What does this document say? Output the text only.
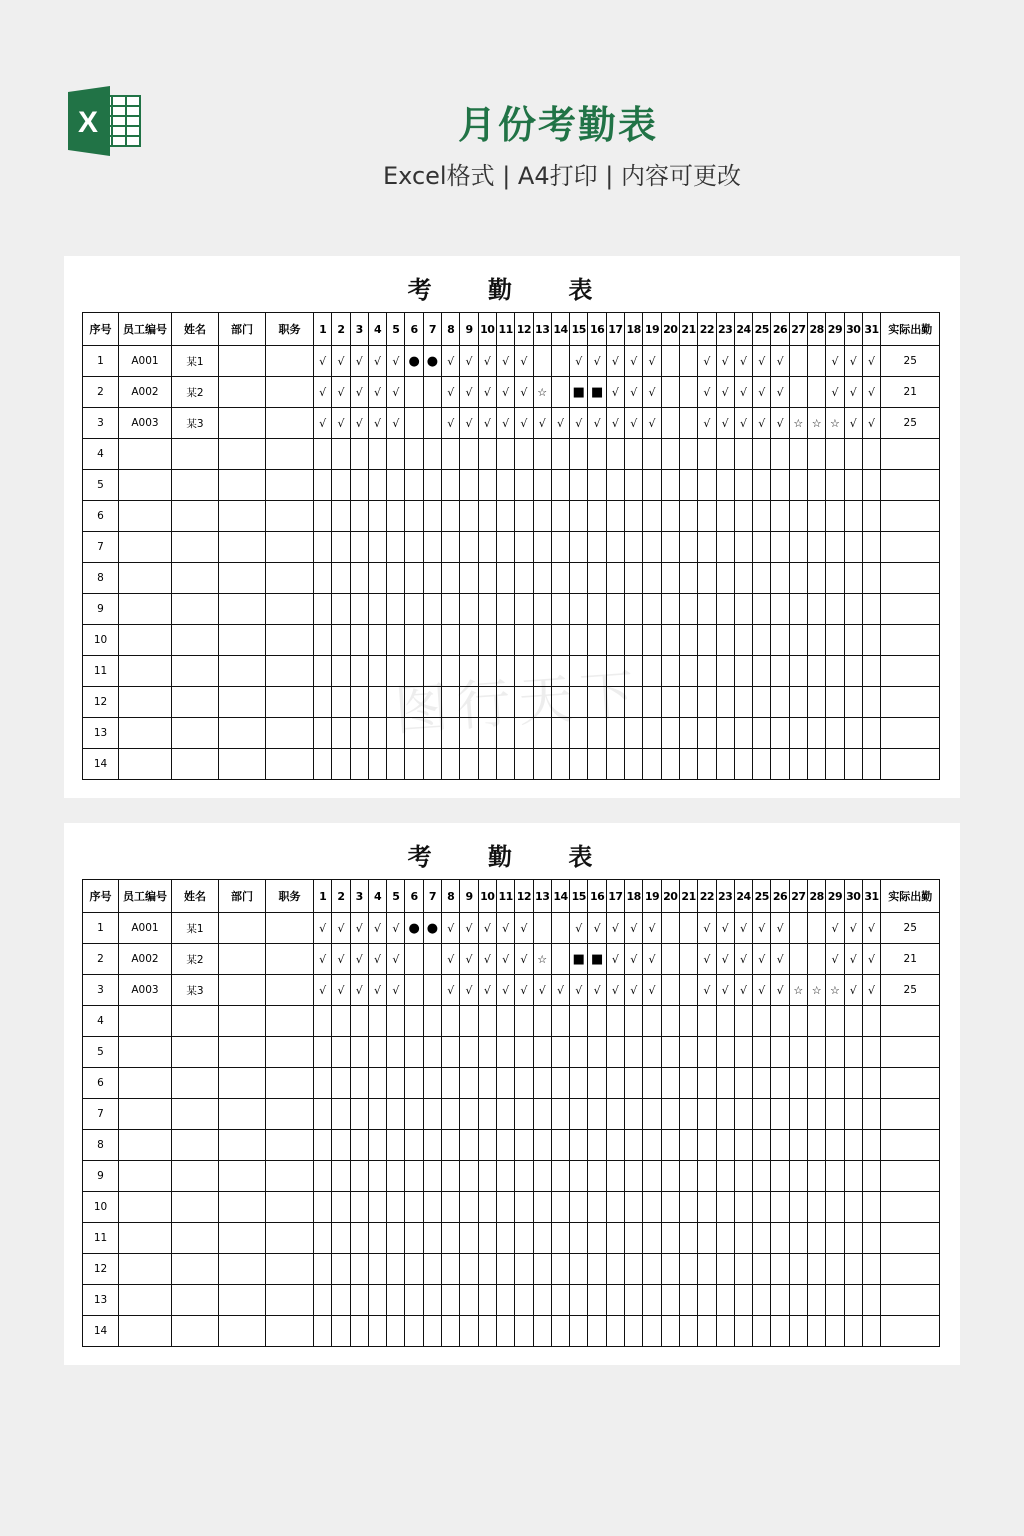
X	月份考勤表
Excel格式 | A4打印 | 内容可更改
考 勤 表
序号	员工编号	姓名	部门	职务	1	2	3	4	5	6	7	8	9	10	11	12	13	14	15	16	17	18	19	20	21	22	23	24	25	26	27	28	29	30	31	实际出勤
1	A001	某1			√	√	√	√	√	●	●	√	√	√	√	√			√	√	√	√	√			√	√	√	√	√			√	√	√	25
2	A002	某2			√	√	√	√	√			√	√	√	√	√	☆		■	■	√	√	√			√	√	√	√	√			√	√	√	21
3	A003	某3			√	√	√	√	√			√	√	√	√	√	√	√	√	√	√	√	√			√	√	√	√	√	☆	☆	☆	√	√	25
4																																				
5																																				
6																																				
7																																				
8																																				
9																																				
10																																				
11																																				
12																																				
13																																				
14																																				
图行天下
考 勤 表
序号	员工编号	姓名	部门	职务	1	2	3	4	5	6	7	8	9	10	11	12	13	14	15	16	17	18	19	20	21	22	23	24	25	26	27	28	29	30	31	实际出勤
1	A001	某1			√	√	√	√	√	●	●	√	√	√	√	√			√	√	√	√	√			√	√	√	√	√			√	√	√	25
2	A002	某2			√	√	√	√	√			√	√	√	√	√	☆		■	■	√	√	√			√	√	√	√	√			√	√	√	21
3	A003	某3			√	√	√	√	√			√	√	√	√	√	√	√	√	√	√	√	√			√	√	√	√	√	☆	☆	☆	√	√	25
4																																				
5																																				
6																																				
7																																				
8																																				
9																																				
10																																				
11																																				
12																																				
13																																				
14																																				
